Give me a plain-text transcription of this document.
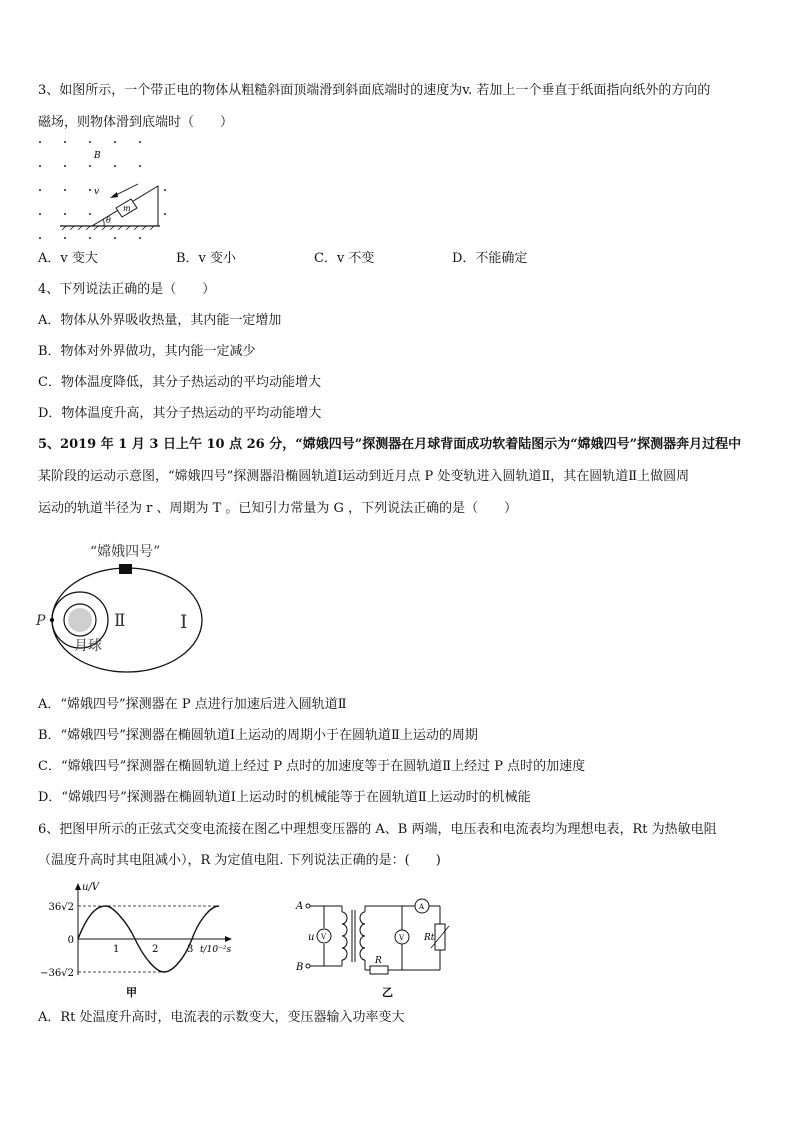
3、如图所示，一个带正电的物体从粗糙斜面顶端滑到斜面底端时的速度为v. 若加上一个垂直于纸面指向纸外的方向的
磁场，则物体滑到底端时（　　）
θ
m
v
B
A．v 变大	B．v 变小	C．v 不变	D．不能确定
4、下列说法正确的是（　　）
A．物体从外界吸收热量，其内能一定增加
B．物体对外界做功，其内能一定减少
C．物体温度降低，其分子热运动的平均动能增大
D．物体温度升高，其分子热运动的平均动能增大
5、2019 年 1 月 3 日上午 10 点 26 分，“嫦娥四号”探测器在月球背面成功软着陆图示为“嫦娥四号”探测器奔月过程中
某阶段的运动示意图，“嫦娥四号”探测器沿椭圆轨道Ⅰ运动到近月点 P 处变轨进入圆轨道Ⅱ，其在圆轨道Ⅱ上做圆周
运动的轨道半径为 r 、周期为 T 。已知引力常量为 G ，下列说法正确的是（　　）
“嫦娥四号”
P	Ⅱ	Ⅰ
月球
A．“嫦娥四号”探测器在 P 点进行加速后进入圆轨道Ⅱ
B．“嫦娥四号”探测器在椭圆轨道Ⅰ上运动的周期小于在圆轨道Ⅱ上运动的周期
C．“嫦娥四号”探测器在椭圆轨道上经过 P 点时的加速度等于在圆轨道Ⅱ上经过 P 点时的加速度
D．“嫦娥四号”探测器在椭圆轨道Ⅰ上运动时的机械能等于在圆轨道Ⅱ上运动时的机械能
6、把图甲所示的正弦式交变电流接在图乙中理想变压器的 A、B 两端，电压表和电流表均为理想电表，Rt 为热敏电阻
（温度升高时其电阻减小），R 为定值电阻. 下列说法正确的是：(　　)
u/V
36√2
0
−36√2
1	2	3 t/10⁻²s
甲
A
B
u V
A
Rt
V
R
乙
A．Rt 处温度升高时，电流表的示数变大，变压器输入功率变大
